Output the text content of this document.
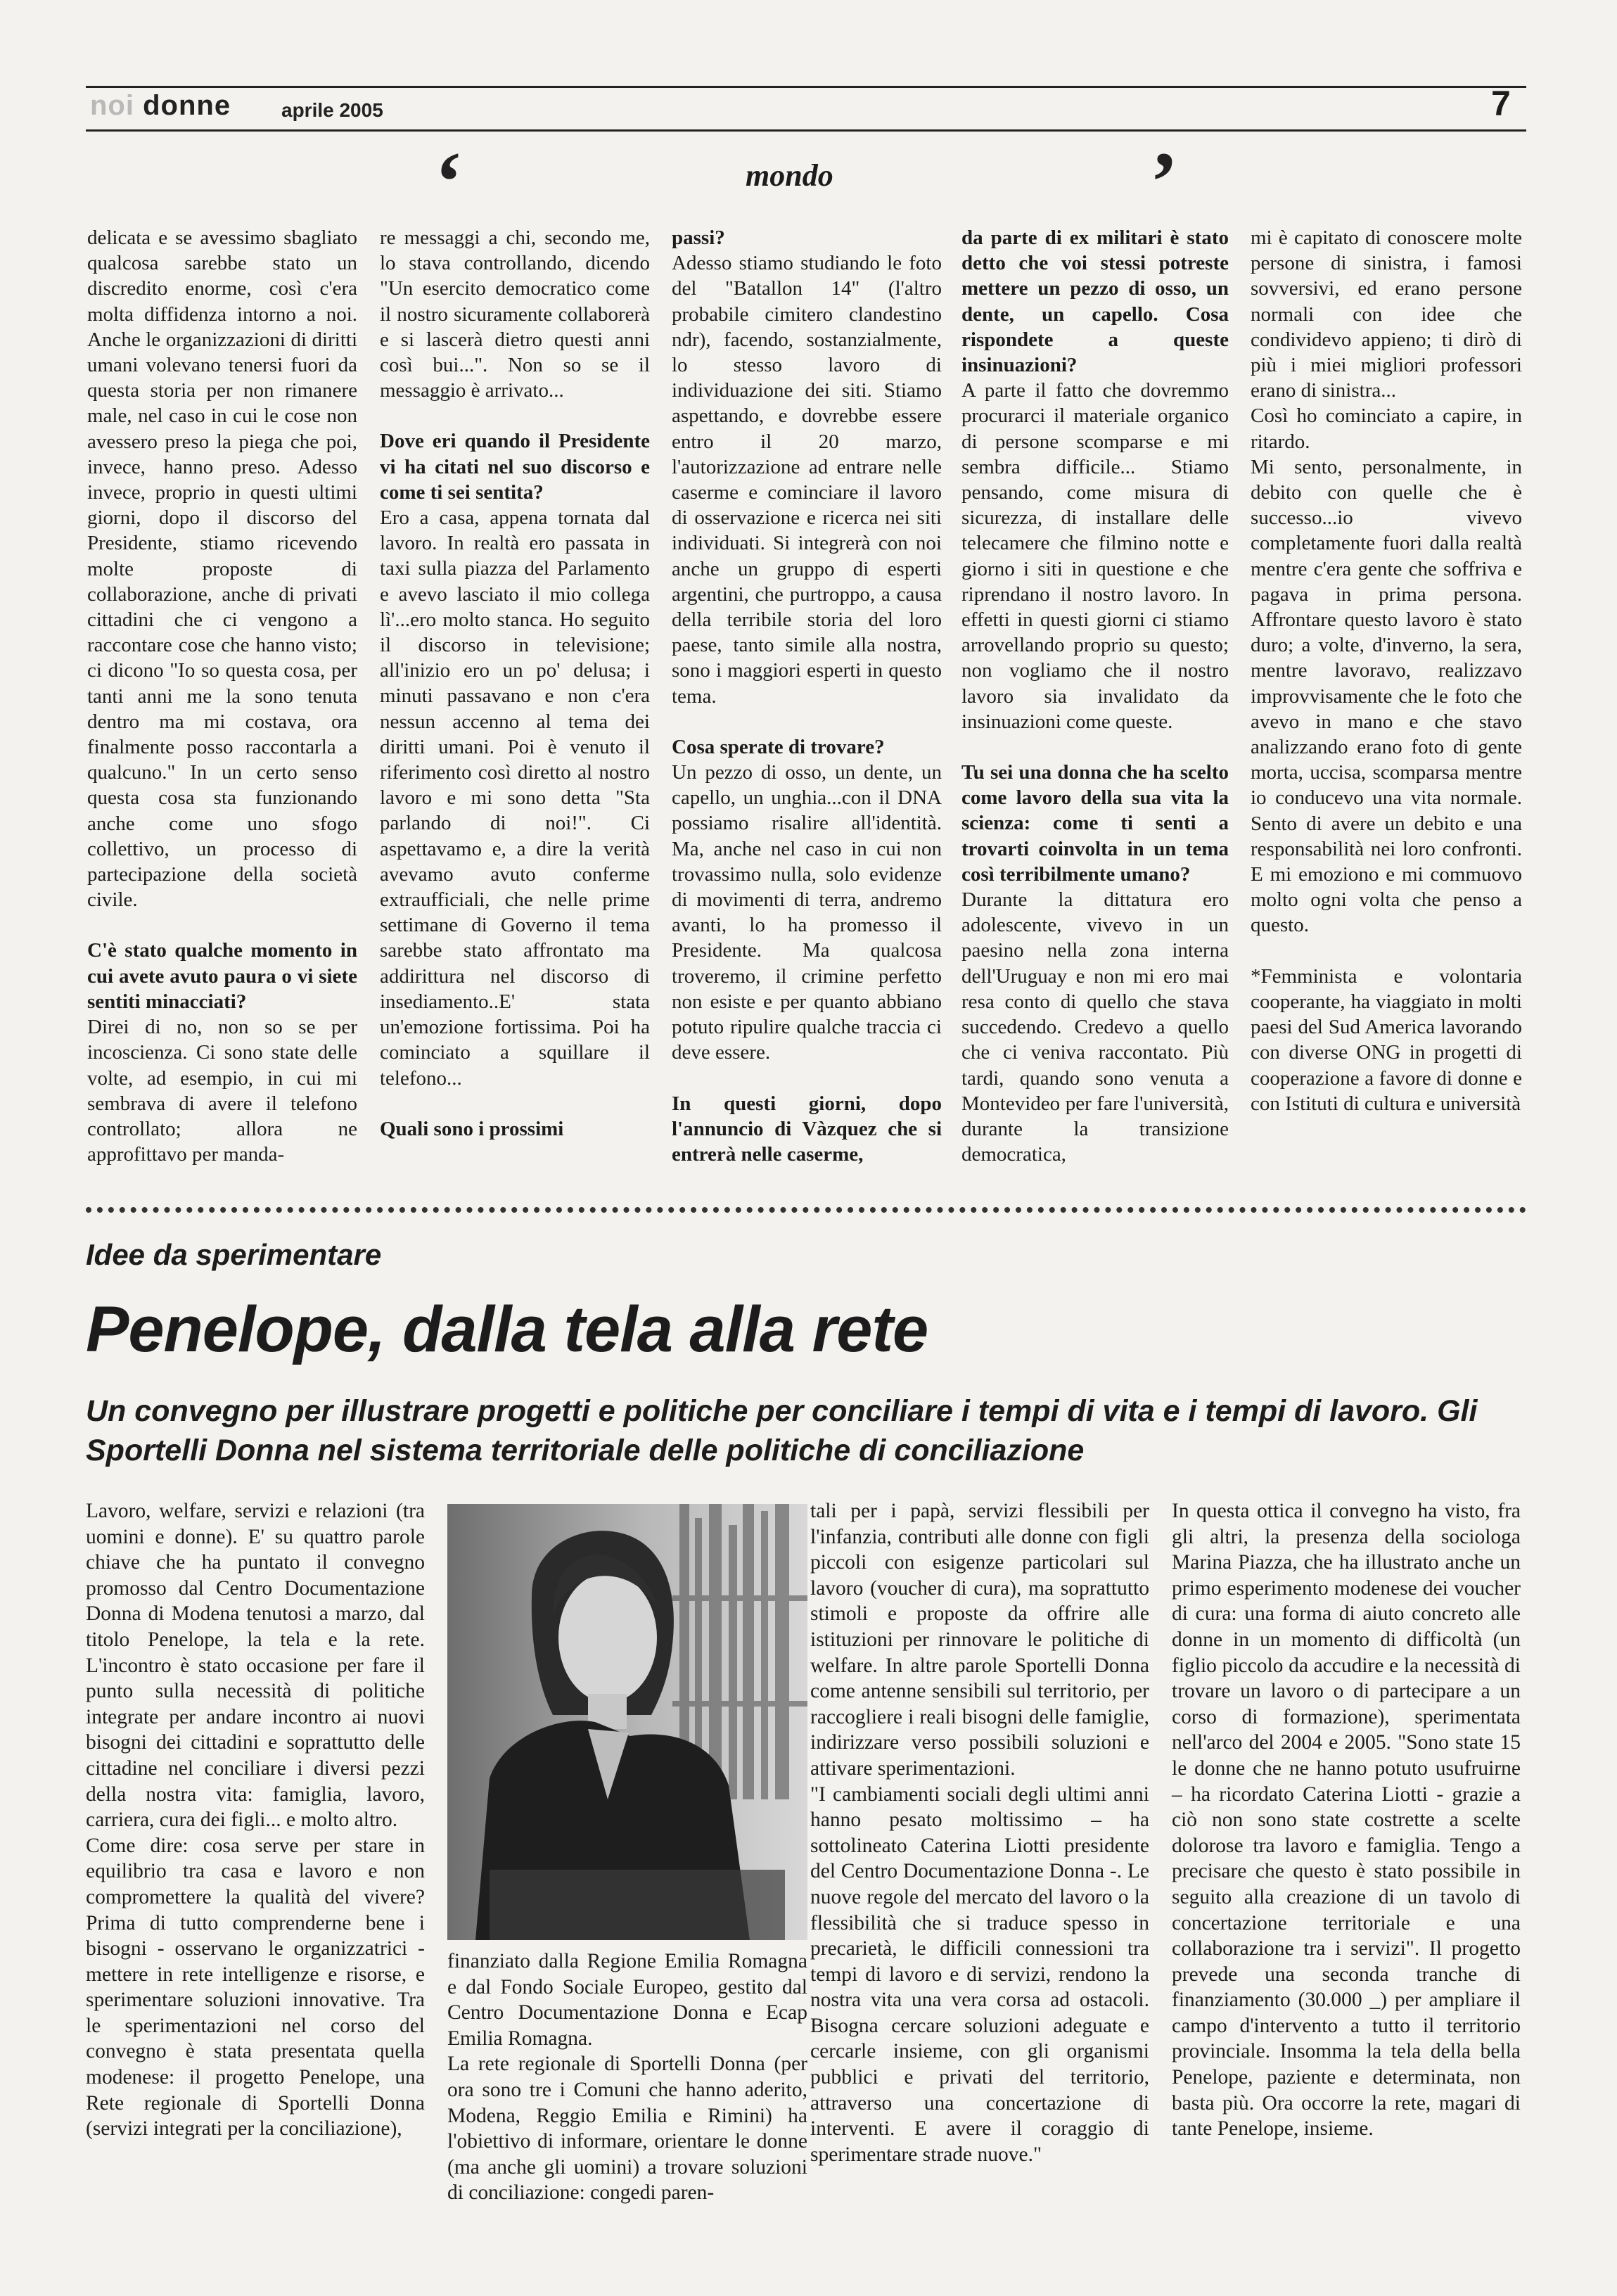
noi donne	aprile 2005	7
‘	mondo	’

delicata e se avessimo sbagliato qualcosa sarebbe stato un discredito enorme, così c'era molta diffidenza intorno a noi. Anche le organizzazioni di diritti umani volevano tenersi fuori da questa storia per non rimanere male, nel caso in cui le cose non avessero preso la piega che poi, invece, hanno preso. Adesso invece, proprio in questi ultimi giorni, dopo il discorso del Presidente, stiamo ricevendo molte proposte di collaborazione, anche di privati cittadini che ci vengono a raccontare cose che hanno visto; ci dicono "Io so questa cosa, per tanti anni me la sono tenuta dentro ma mi costava, ora finalmente posso raccontarla a qualcuno." In un certo senso questa cosa sta funzionando anche come uno sfogo collettivo, un processo di partecipazione della società civile.

C'è stato qualche momento in cui avete avuto paura o vi siete sentiti minacciati?

Direi di no, non so se per incoscienza. Ci sono state delle volte, ad esempio, in cui mi sembrava di avere il telefono controllato; allora ne approfittavo per manda-

re messaggi a chi, secondo me, lo stava controllando, dicendo "Un esercito democratico come il nostro sicuramente collaborerà e si lascerà dietro questi anni così bui...". Non so se il messaggio è arrivato...

Dove eri quando il Presidente vi ha citati nel suo discorso e come ti sei sentita?

Ero a casa, appena tornata dal lavoro. In realtà ero passata in taxi sulla piazza del Parlamento e avevo lasciato il mio collega lì'...ero molto stanca. Ho seguito il discorso in televisione; all'inizio ero un po' delusa; i minuti passavano e non c'era nessun accenno al tema dei diritti umani. Poi è venuto il riferimento così diretto al nostro lavoro e mi sono detta "Sta parlando di noi!". Ci aspettavamo e, a dire la verità avevamo avuto conferme extraufficiali, che nelle prime settimane di Governo il tema sarebbe stato affrontato ma addirittura nel discorso di insediamento..E' stata un'emozione fortissima. Poi ha cominciato a squillare il telefono...

Quali sono i prossimi

passi?

Adesso stiamo studiando le foto del "Batallon 14" (l'altro probabile cimitero clandestino ndr), facendo, sostanzialmente, lo stesso lavoro di individuazione dei siti. Stiamo aspettando, e dovrebbe essere entro il 20 marzo, l'autorizzazione ad entrare nelle caserme e cominciare il lavoro di osservazione e ricerca nei siti individuati. Si integrerà con noi anche un gruppo di esperti argentini, che purtroppo, a causa della terribile storia del loro paese, tanto simile alla nostra, sono i maggiori esperti in questo tema.

Cosa sperate di trovare?

Un pezzo di osso, un dente, un capello, un unghia...con il DNA possiamo risalire all'identità. Ma, anche nel caso in cui non trovassimo nulla, solo evidenze di movimenti di terra, andremo avanti, lo ha promesso il Presidente. Ma qualcosa troveremo, il crimine perfetto non esiste e per quanto abbiano potuto ripulire qualche traccia ci deve essere.

In questi giorni, dopo l'annuncio di Vàzquez che si entrerà nelle caserme,

da parte di ex militari è stato detto che voi stessi potreste mettere un pezzo di osso, un dente, un capello. Cosa rispondete a queste insinuazioni?

A parte il fatto che dovremmo procurarci il materiale organico di persone scomparse e mi sembra difficile... Stiamo pensando, come misura di sicurezza, di installare delle telecamere che filmino notte e giorno i siti in questione e che riprendano il nostro lavoro. In effetti in questi giorni ci stiamo arrovellando proprio su questo; non vogliamo che il nostro lavoro sia invalidato da insinuazioni come queste.

Tu sei una donna che ha scelto come lavoro della sua vita la scienza: come ti senti a trovarti coinvolta in un tema così terribilmente umano?

Durante la dittatura ero adolescente, vivevo in un paesino nella zona interna dell'Uruguay e non mi ero mai resa conto di quello che stava succedendo. Credevo a quello che ci veniva raccontato. Più tardi, quando sono venuta a Montevideo per fare l'università, durante la transizione democratica,

mi è capitato di conoscere molte persone di sinistra, i famosi sovversivi, ed erano persone normali con idee che condividevo appieno; ti dirò di più i miei migliori professori erano di sinistra...

Così ho cominciato a capire, in ritardo.

Mi sento, personalmente, in debito con quelle che è successo...io vivevo completamente fuori dalla realtà mentre c'era gente che soffriva e pagava in prima persona. Affrontare questo lavoro è stato duro; a volte, d'inverno, la sera, mentre lavoravo, realizzavo improvvisamente che le foto che avevo in mano e che stavo analizzando erano foto di gente morta, uccisa, scomparsa mentre io conducevo una vita normale. Sento di avere un debito e una responsabilità nei loro confronti. E mi emoziono e mi commuovo molto ogni volta che penso a questo.

*Femminista e volontaria cooperante, ha viaggiato in molti paesi del Sud America lavorando con diverse ONG in progetti di cooperazione a favore di donne e con Istituti di cultura e università

Idee da sperimentare
Penelope, dalla tela alla rete
Un convegno per illustrare progetti e politiche per conciliare i tempi di vita e i tempi di lavoro. Gli Sportelli Donna nel sistema territoriale delle politiche di conciliazione

Lavoro, welfare, servizi e relazioni (tra uomini e donne). E' su quattro parole chiave che ha puntato il convegno promosso dal Centro Documentazione Donna di Modena tenutosi a marzo, dal titolo Penelope, la tela e la rete. L'incontro è stato occasione per fare il punto sulla necessità di politiche integrate per andare incontro ai nuovi bisogni dei cittadini e soprattutto delle cittadine nel conciliare i diversi pezzi della nostra vita: famiglia, lavoro, carriera, cura dei figli... e molto altro.

Come dire: cosa serve per stare in equilibrio tra casa e lavoro e non compromettere la qualità del vivere? Prima di tutto comprenderne bene i bisogni - osservano le organizzatrici - mettere in rete intelligenze e risorse, e sperimentare soluzioni innovative. Tra le sperimentazioni nel corso del convegno è stata presentata quella modenese: il progetto Penelope, una Rete regionale di Sportelli Donna (servizi integrati per la conciliazione),

finanziato dalla Regione Emilia Romagna e dal Fondo Sociale Europeo, gestito dal Centro Documentazione Donna e Ecap Emilia Romagna.

La rete regionale di Sportelli Donna (per ora sono tre i Comuni che hanno aderito, Modena, Reggio Emilia e Rimini) ha l'obiettivo di informare, orientare le donne (ma anche gli uomini) a trovare soluzioni di conciliazione: congedi paren-

tali per i papà, servizi flessibili per l'infanzia, contributi alle donne con figli piccoli con esigenze particolari sul lavoro (voucher di cura), ma soprattutto stimoli e proposte da offrire alle istituzioni per rinnovare le politiche di welfare. In altre parole Sportelli Donna come antenne sensibili sul territorio, per raccogliere i reali bisogni delle famiglie, indirizzare verso possibili soluzioni e attivare sperimentazioni.

"I cambiamenti sociali degli ultimi anni hanno pesato moltissimo – ha sottolineato Caterina Liotti presidente del Centro Documentazione Donna -. Le nuove regole del mercato del lavoro o la flessibilità che si traduce spesso in precarietà, le difficili connessioni tra tempi di lavoro e di servizi, rendono la nostra vita una vera corsa ad ostacoli. Bisogna cercare soluzioni adeguate e cercarle insieme, con gli organismi pubblici e privati del territorio, attraverso una concertazione di interventi. E avere il coraggio di sperimentare strade nuove."

In questa ottica il convegno ha visto, fra gli altri, la presenza della sociologa Marina Piazza, che ha illustrato anche un primo esperimento modenese dei voucher di cura: una forma di aiuto concreto alle donne in un momento di difficoltà (un figlio piccolo da accudire e la necessità di trovare un lavoro o di partecipare a un corso di formazione), sperimentata nell'arco del 2004 e 2005. "Sono state 15 le donne che ne hanno potuto usufruirne – ha ricordato Caterina Liotti - grazie a ciò non sono state costrette a scelte dolorose tra lavoro e famiglia. Tengo a precisare che questo è stato possibile in seguito alla creazione di un tavolo di concertazione territoriale e una collaborazione tra i servizi". Il progetto prevede una seconda tranche di finanziamento (30.000 _) per ampliare il campo d'intervento a tutto il territorio provinciale. Insomma la tela della bella Penelope, paziente e determinata, non basta più. Ora occorre la rete, magari di tante Penelope, insieme.
